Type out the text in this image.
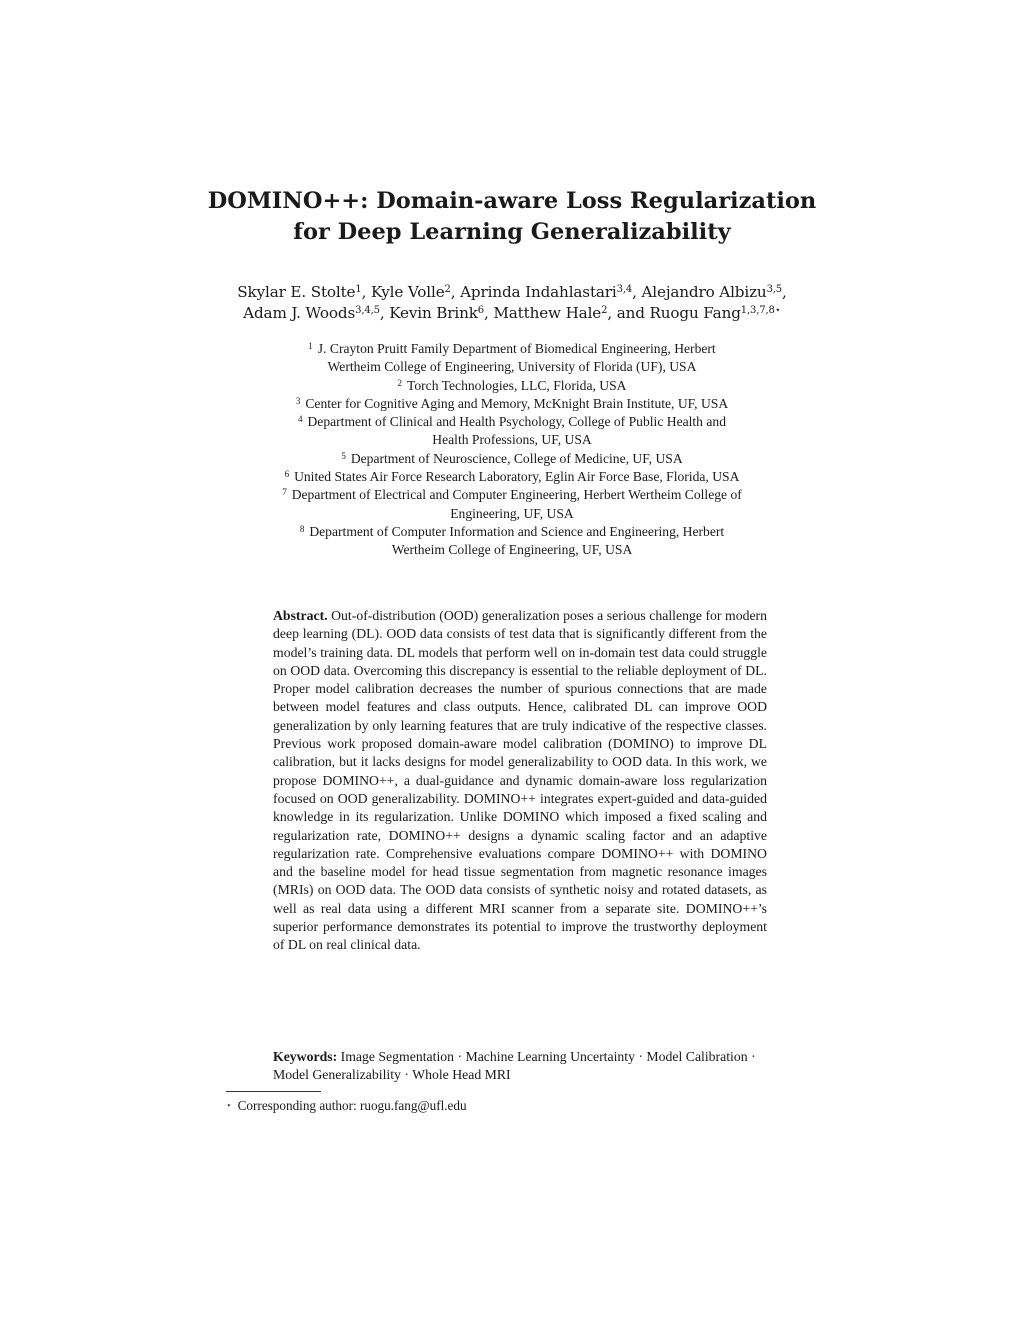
DOMINO++: Domain-aware Loss Regularization
for Deep Learning Generalizability
Skylar E. Stolte$^1$, Kyle Volle$^2$, Aprinda Indahlastari$^{3,4}$, Alejandro Albizu$^{3,5}$,
Adam J. Woods$^{3,4,5}$, Kevin Brink$^6$, Matthew Hale$^2$, and Ruogu Fang$^{1,3,7,8⋆}$
$^1$ J. Crayton Pruitt Family Department of Biomedical Engineering, Herbert
Wertheim College of Engineering, University of Florida (UF), USA
$^2$ Torch Technologies, LLC, Florida, USA
$^3$ Center for Cognitive Aging and Memory, McKnight Brain Institute, UF, USA
$^4$ Department of Clinical and Health Psychology, College of Public Health and
Health Professions, UF, USA
$^5$ Department of Neuroscience, College of Medicine, UF, USA
$^6$ United States Air Force Research Laboratory, Eglin Air Force Base, Florida, USA
$^7$ Department of Electrical and Computer Engineering, Herbert Wertheim College of
Engineering, UF, USA
$^8$ Department of Computer Information and Science and Engineering, Herbert
Wertheim College of Engineering, UF, USA
Abstract. Out-of-distribution (OOD) generalization poses a serious challenge for modern deep learning (DL). OOD data consists of test data that is significantly different from the model’s training data. DL models that perform well on in-domain test data could struggle on OOD data. Overcoming this discrepancy is essential to the reliable deployment of DL. Proper model calibration decreases the number of spurious connections that are made between model features and class outputs. Hence, calibrated DL can improve OOD generalization by only learning features that are truly indicative of the respective classes. Previous work proposed domain-aware model calibration (DOMINO) to improve DL calibration, but it lacks designs for model generalizability to OOD data. In this work, we propose DOMINO++, a dual-guidance and dynamic domain-aware loss regularization focused on OOD generalizability. DOMINO++ integrates expert-guided and data-guided knowledge in its regularization. Unlike DOMINO which imposed a fixed scaling and regularization rate, DOMINO++ designs a dynamic scaling factor and an adaptive regularization rate. Comprehensive evaluations compare DOMINO++ with DOMINO and the baseline model for head tissue segmentation from magnetic resonance images (MRIs) on OOD data. The OOD data consists of synthetic noisy and rotated datasets, as well as real data using a different MRI scanner from a separate site. DOMINO++’s superior performance demonstrates its potential to improve the trustworthy deployment of DL on real clinical data.
Keywords: Image Segmentation · Machine Learning Uncertainty · Model Calibration · Model Generalizability · Whole Head MRI
⋆ Corresponding author: ruogu.fang@ufl.edu
